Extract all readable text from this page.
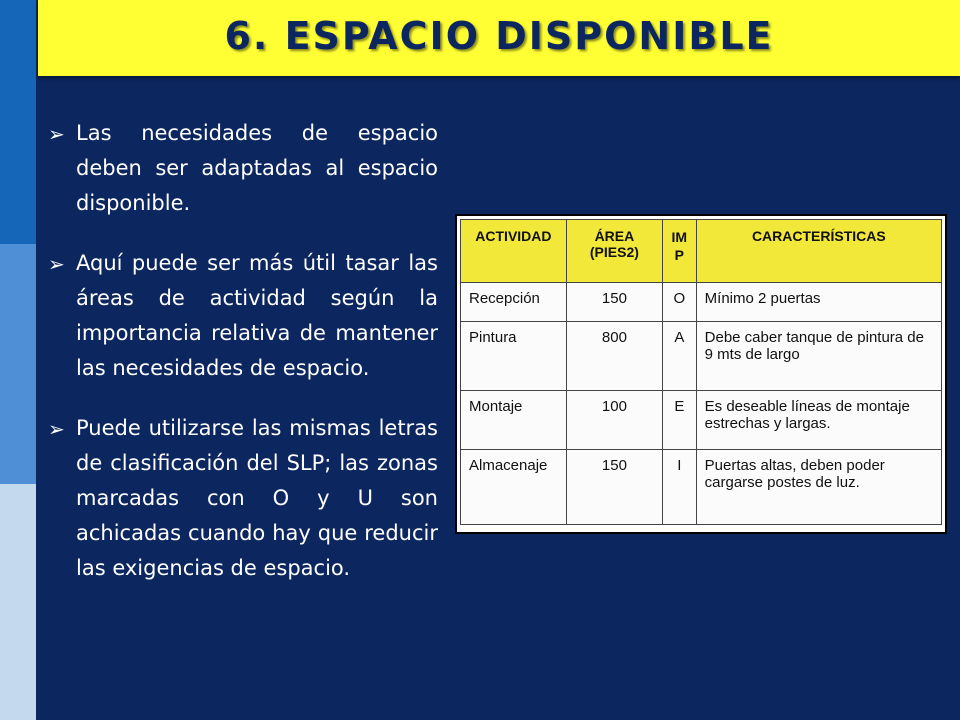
6. ESPACIO DISPONIBLE
➢ Las necesidades de espacio deben ser adaptadas al espacio disponible.
➢ Aquí puede ser más útil tasar las áreas de actividad según la importancia relativa de mantener las necesidades de espacio.
➢ Puede utilizarse las mismas letras de clasificación del SLP; las zonas marcadas con O y U son achicadas cuando hay que reducir las exigencias de espacio.
ACTIVIDAD	ÁREA (PIES2)	IM P	CARACTERÍSTICAS
Recepción	150	O	Mínimo 2 puertas
Pintura	800	A	Debe caber tanque de pintura de 9 mts de largo
Montaje	100	E	Es deseable líneas de montaje estrechas y largas.
Almacenaje	150	I	Puertas altas, deben poder cargarse postes de luz.
